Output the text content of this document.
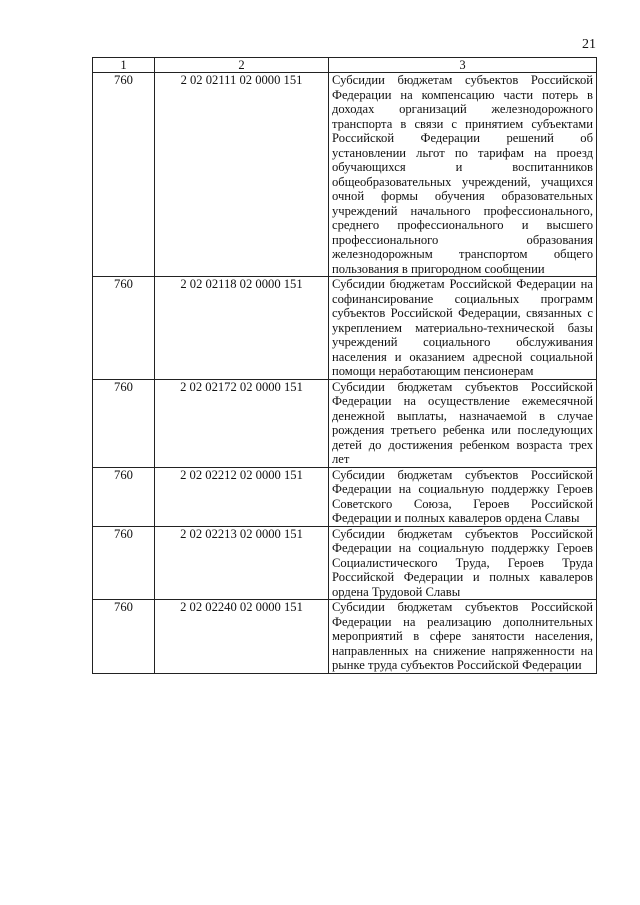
21
1	2	3
760	2 02 02111 02 0000 151	Субсидии бюджетам субъектов Российской Федерации на компенсацию части потерь в доходах организаций железнодорожного транспорта в связи с принятием субъектами Российской Федерации решений об установлении льгот по тарифам на проезд обучающихся и воспитанников общеобразовательных учреждений, учащихся очной формы обучения образовательных учреждений начального профессионального, среднего профессионального и высшего профессионального образования железнодорожным транспортом общего пользования в пригородном сообщении
760	2 02 02118 02 0000 151	Субсидии бюджетам Российской Федерации на софинансирование социальных программ субъектов Российской Федерации, связанных с укреплением материально-технической базы учреждений социального обслуживания населения и оказанием адресной социальной помощи неработающим пенсионерам
760	2 02 02172 02 0000 151	Субсидии бюджетам субъектов Российской Федерации на осуществление ежемесячной денежной выплаты, назначаемой в случае рождения третьего ребенка или последующих детей до достижения ребенком возраста трех лет
760	2 02 02212 02 0000 151	Субсидии бюджетам субъектов Российской Федерации на социальную поддержку Героев Советского Союза, Героев Российской Федерации и полных кавалеров ордена Славы
760	2 02 02213 02 0000 151	Субсидии бюджетам субъектов Российской Федерации на социальную поддержку Героев Социалистического Труда, Героев Труда Российской Федерации и полных кавалеров ордена Трудовой Славы
760	2 02 02240 02 0000 151	Субсидии бюджетам субъектов Российской Федерации на реализацию дополнительных мероприятий в сфере занятости населения, направленных на снижение напряженности на рынке труда субъектов Российской Федерации
